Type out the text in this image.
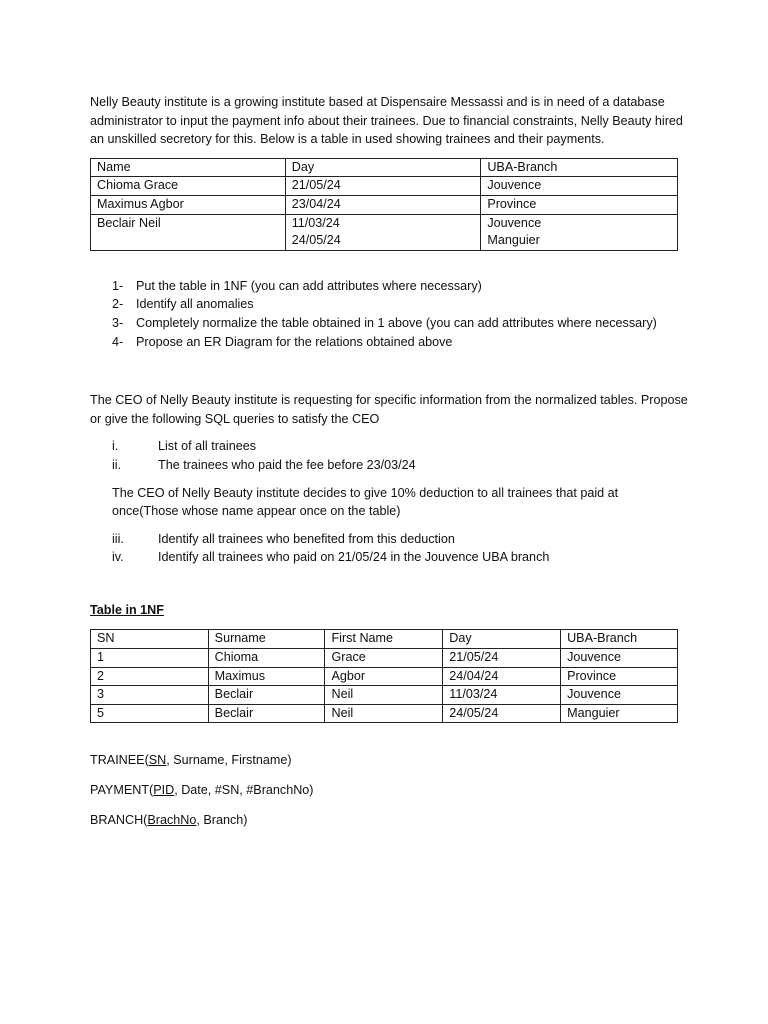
Nelly Beauty institute is a growing institute based at Dispensaire Messassi and is in need of a database administrator to input the payment info about their trainees. Due to financial constraints, Nelly Beauty hired an unskilled secretory for this. Below is a table in used showing trainees and their payments.

Name	Day	UBA-Branch
Chioma Grace	21/05/24	Jouvence
Maximus Agbor	23/04/24	Province
Beclair Neil	11/03/24	Jouvence
	24/05/24	Manguier
1-	Put the table in 1NF (you can add attributes where necessary)
2-	Identify all anomalies
3-	Completely normalize the table obtained in 1 above (you can add attributes where necessary)
4-	Propose an ER Diagram for the relations obtained above

The CEO of Nelly Beauty institute is requesting for specific information from the normalized tables. Propose or give the following SQL queries to satisfy the CEO

i.	List of all trainees
ii.	The trainees who paid the fee before 23/03/24

The CEO of Nelly Beauty institute decides to give 10% deduction to all trainees that paid at once(Those whose name appear once on the table)

iii.	Identify all trainees who benefited from this deduction
iv.	Identify all trainees who paid on 21/05/24 in the Jouvence UBA branch

Table in 1NF

SN	Surname	First Name	Day	UBA-Branch
1	Chioma	Grace	21/05/24	Jouvence
2	Maximus	Agbor	24/04/24	Province
3	Beclair	Neil	11/03/24	Jouvence
5	Beclair	Neil	24/05/24	Manguier

TRAINEE(SN, Surname, Firstname)

PAYMENT(PID, Date, #SN, #BranchNo)

BRANCH(BrachNo, Branch)
